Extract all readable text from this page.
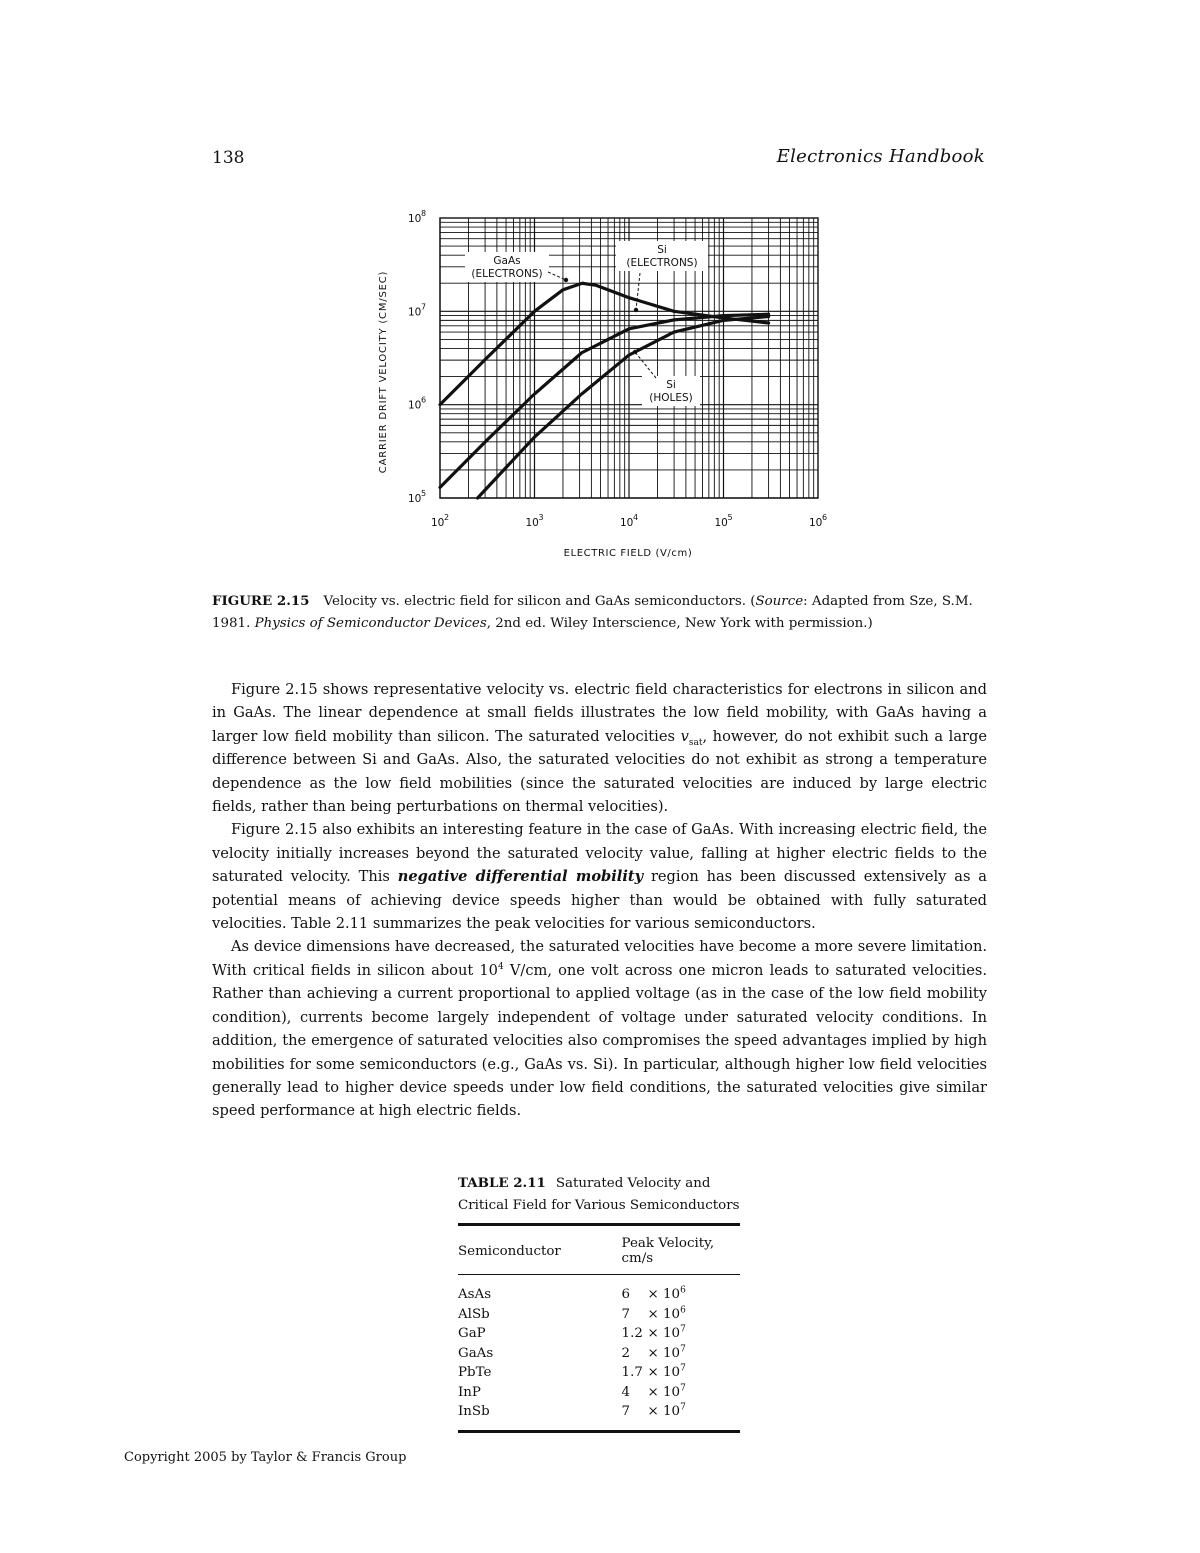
138	Electronics Handbook
GaAs
(ELECTRONS)
Si
(ELECTRONS)
Si
(HOLES)
10 5
10 6
10 7
10 8
10 2	10 3	10 4	10 5	10 6
ELECTRIC FIELD (V/cm)
CARRIER DRIFT VELOCITY (CM/SEC)
FIGURE 2.15 Velocity vs. electric field for silicon and GaAs semiconductors. (Source: Adapted from Sze, S.M. 1981. Physics of Semiconductor Devices, 2nd ed. Wiley Interscience, New York with permission.)

Figure 2.15 shows representative velocity vs. electric field characteristics for electrons in silicon and in GaAs. The linear dependence at small fields illustrates the low field mobility, with GaAs having a larger low field mobility than silicon. The saturated velocities $v_{sat}$, however, do not exhibit such a large difference between Si and GaAs. Also, the saturated velocities do not exhibit as strong a temperature dependence as the low field mobilities (since the saturated velocities are induced by large electric fields, rather than being perturbations on thermal velocities).

Figure 2.15 also exhibits an interesting feature in the case of GaAs. With increasing electric field, the velocity initially increases beyond the saturated velocity value, falling at higher electric fields to the saturated velocity. This negative differential mobility region has been discussed extensively as a potential means of achieving device speeds higher than would be obtained with fully saturated velocities. Table 2.11 summarizes the peak velocities for various semiconductors.

As device dimensions have decreased, the saturated velocities have become a more severe limitation. With critical fields in silicon about $10^4$ V/cm, one volt across one micron leads to saturated velocities. Rather than achieving a current proportional to applied voltage (as in the case of the low field mobility condition), currents become largely independent of voltage under saturated velocity conditions. In addition, the emergence of saturated velocities also compromises the speed advantages implied by high mobilities for some semiconductors (e.g., GaAs vs. Si). In particular, although higher low field velocities generally lead to higher device speeds under low field conditions, the saturated velocities give similar speed performance at high electric fields.

TABLE 2.11 Saturated Velocity and Critical Field for Various Semiconductors
Semiconductor	Peak Velocity, cm/s
AsAs	$6 \times 10^6$
AlSb	$7 \times 10^6$
GaP	$1.2 \times 10^7$
GaAs	$2 \times 10^7$
PbTe	$1.7 \times 10^7$
InP	$4 \times 10^7$
InSb	$7 \times 10^7$
Copyright 2005 by Taylor & Francis Group
